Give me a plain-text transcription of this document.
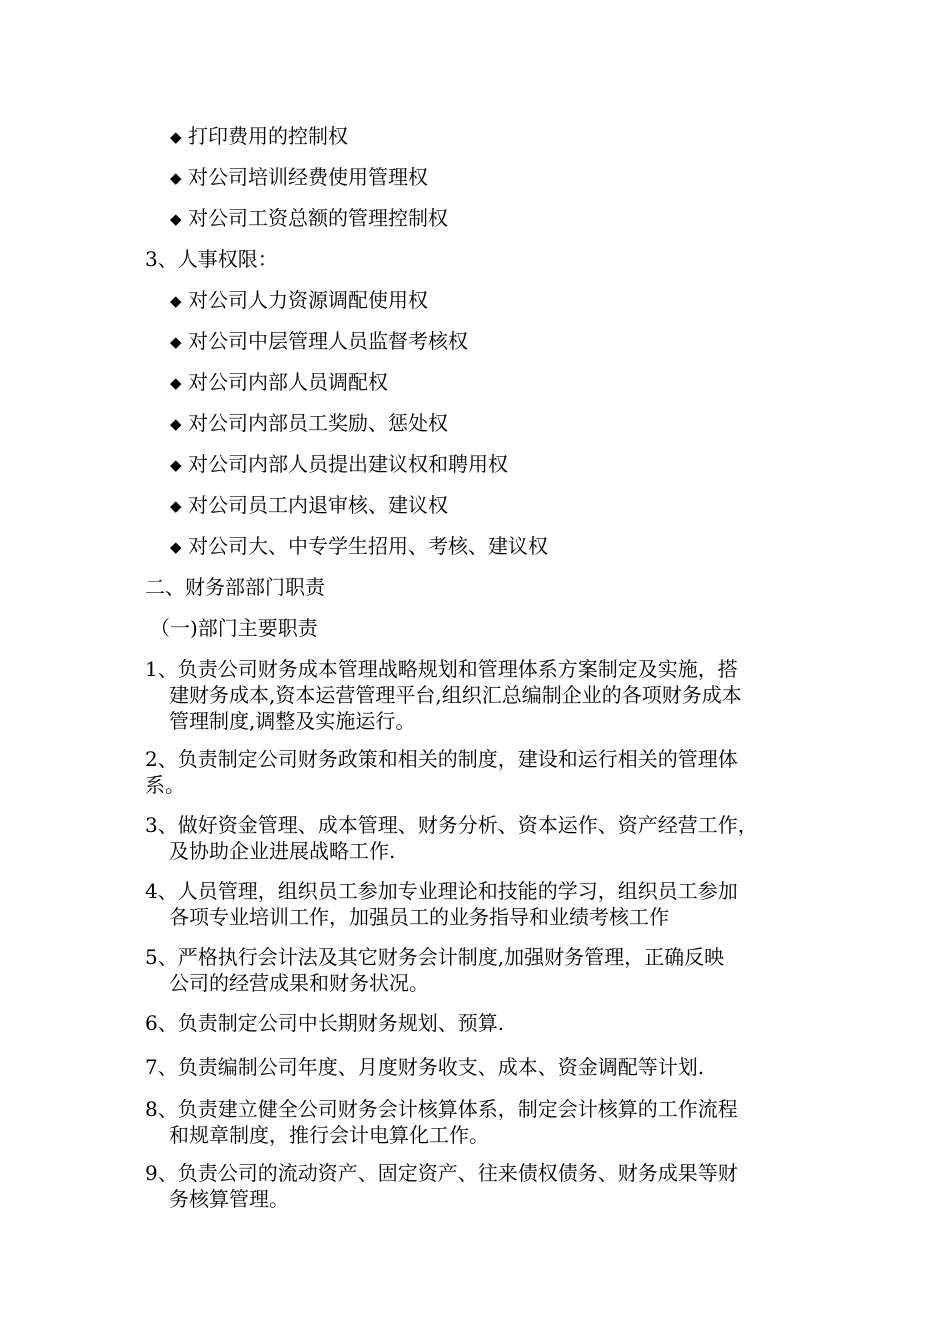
◆ 打印费用的控制权
◆ 对公司培训经费使用管理权
◆ 对公司工资总额的管理控制权
3、人事权限：
◆ 对公司人力资源调配使用权
◆ 对公司中层管理人员监督考核权
◆ 对公司内部人员调配权
◆ 对公司内部员工奖励、惩处权
◆ 对公司内部人员提出建议权和聘用权
◆ 对公司员工内退审核、建议权
◆ 对公司大、中专学生招用、考核、建议权
二、财务部部门职责
（一)部门主要职责
1、负责公司财务成本管理战略规划和管理体系方案制定及实施，搭
建财务成本,资本运营管理平台,组织汇总编制企业的各项财务成本
管理制度,调整及实施运行。
2、负责制定公司财务政策和相关的制度，建设和运行相关的管理体
系。
3、做好资金管理、成本管理、财务分析、资本运作、资产经营工作，
及协助企业进展战略工作.
4、人员管理，组织员工参加专业理论和技能的学习，组织员工参加
各项专业培训工作，加强员工的业务指导和业绩考核工作
5、严格执行会计法及其它财务会计制度,加强财务管理，正确反映
公司的经营成果和财务状况。
6、负责制定公司中长期财务规划、预算.
7、负责编制公司年度、月度财务收支、成本、资金调配等计划.
8、负责建立健全公司财务会计核算体系，制定会计核算的工作流程
和规章制度，推行会计电算化工作。
9、负责公司的流动资产、固定资产、往来债权债务、财务成果等财
务核算管理。
